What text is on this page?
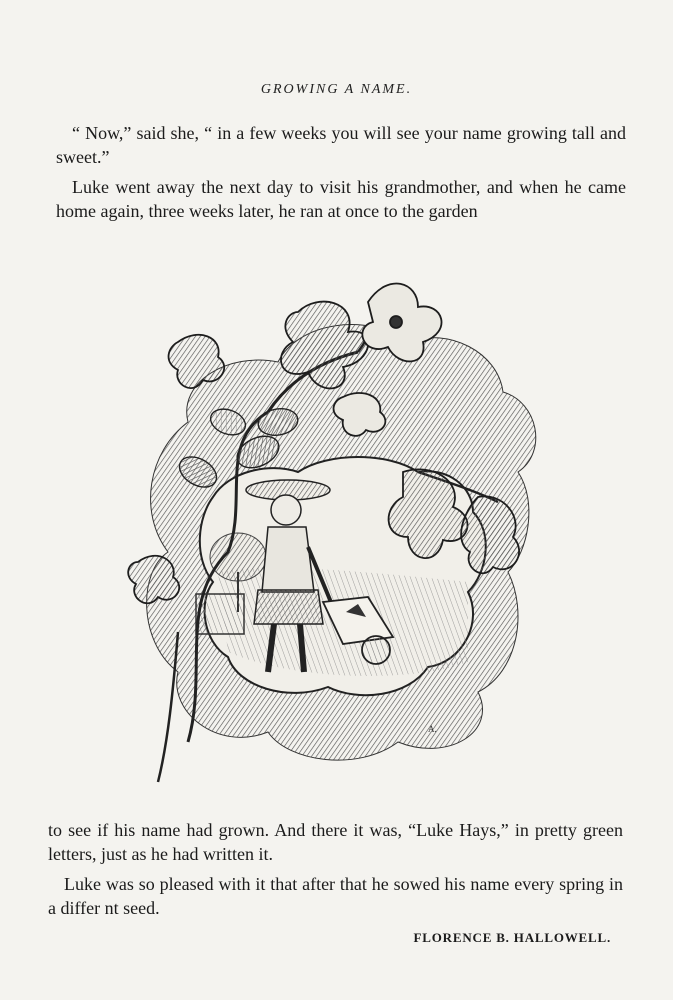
GROWING A NAME.

“ Now,” said she, “ in a few weeks you will see your name growing tall and sweet.”

Luke went away the next day to visit his grandmother, and when he came home again, three weeks later, he ran at once to the garden

A.

to see if his name had grown. And there it was, “Luke Hays,” in pretty green letters, just as he had written it.

Luke was so pleased with it that after that he sowed his name every spring in a differ nt seed.

FLORENCE B. HALLOWELL.
